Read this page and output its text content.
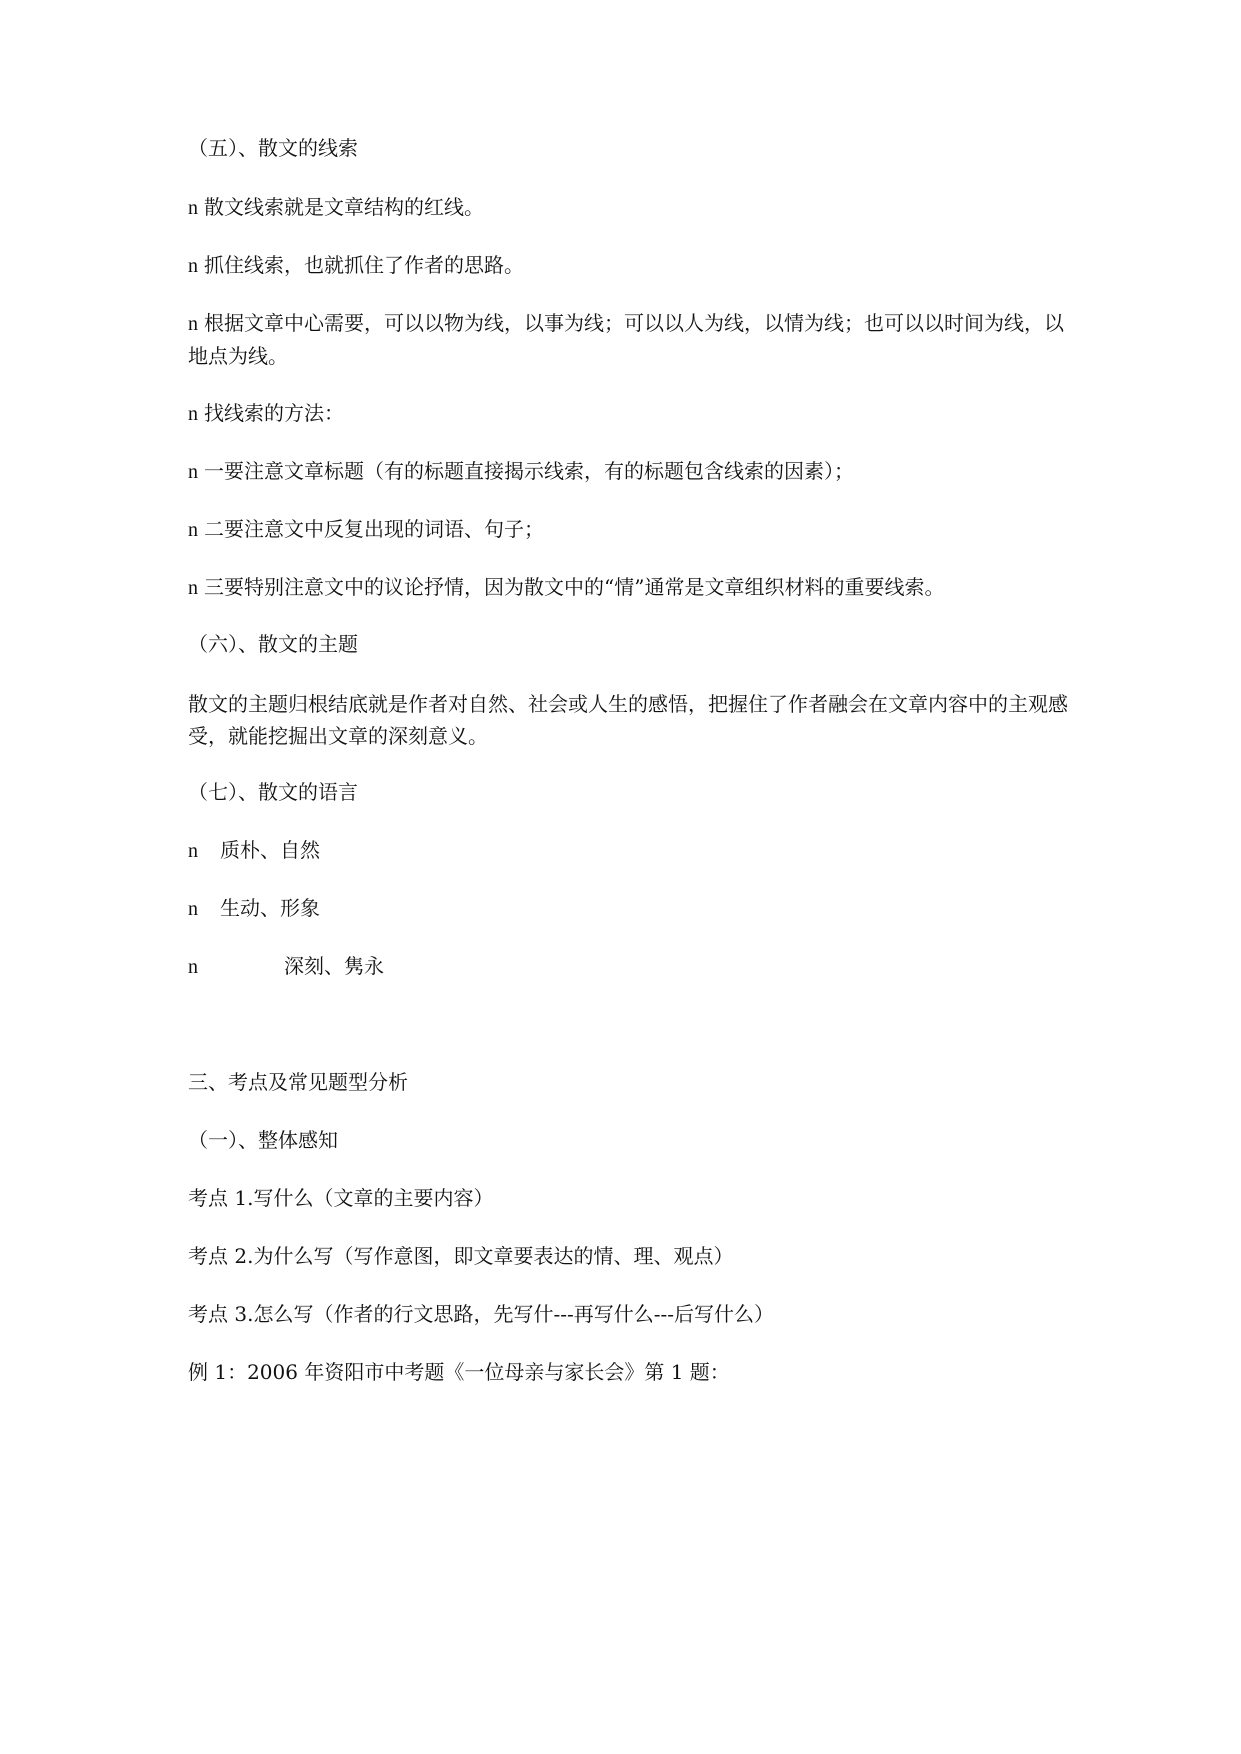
（五）、散文的线索
n 散文线索就是文章结构的红线。
n 抓住线索，也就抓住了作者的思路。
n 根据文章中心需要，可以以物为线，以事为线；可以以人为线，以情为线；也可以以时间为线，以地点为线。
n 找线索的方法：
n 一要注意文章标题（有的标题直接揭示线索，有的标题包含线索的因素）；
n 二要注意文中反复出现的词语、句子；
n 三要特别注意文中的议论抒情，因为散文中的“情”通常是文章组织材料的重要线索。
（六）、散文的主题
散文的主题归根结底就是作者对自然、社会或人生的感悟，把握住了作者融会在文章内容中的主观感受，就能挖掘出文章的深刻意义。
（七）、散文的语言
n 质朴、自然
n 生动、形象
n	深刻、隽永
三、考点及常见题型分析
（一）、整体感知
考点 1.写什么（文章的主要内容）
考点 2.为什么写（写作意图，即文章要表达的情、理、观点）
考点 3.怎么写（作者的行文思路，先写什---再写什么---后写什么）
例 1：2006 年资阳市中考题《一位母亲与家长会》第 1 题：
